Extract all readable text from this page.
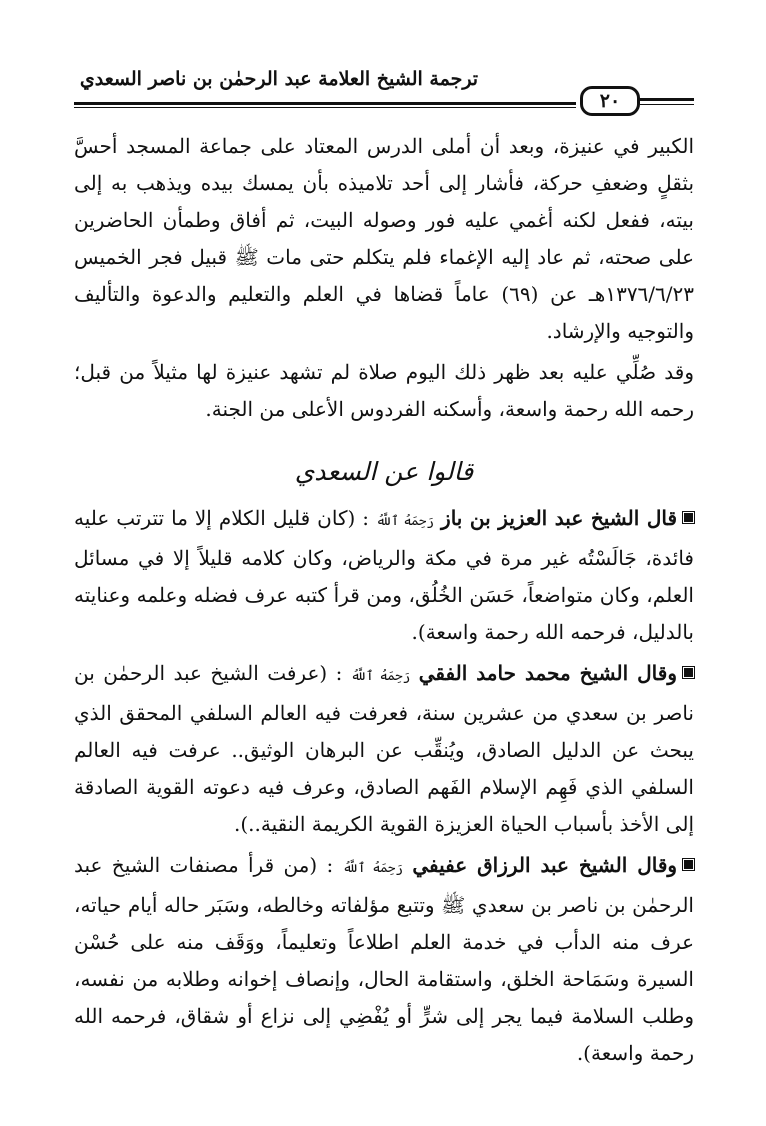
ترجمة الشيخ العلامة عبد الرحمٰن بن ناصر السعدي
٢٠

الكبير في عنيزة، وبعد أن أملى الدرس المعتاد على جماعة المسجد أحسَّ بثقلٍ وضعفِ حركة، فأشار إلى أحد تلاميذه بأن يمسك بيده ويذهب به إلى بيته، ففعل لكنه أغمي عليه فور وصوله البيت، ثم أفاق وطمأن الحاضرين على صحته، ثم عاد إليه الإغماء فلم يتكلم حتى مات ﷺ قبيل فجر الخميس ١٣٧٦/٦/٢٣هـ عن (٦٩) عاماً قضاها في العلم والتعليم والدعوة والتأليف والتوجيه والإرشاد.

وقد صُلِّي عليه بعد ظهر ذلك اليوم صلاة لم تشهد عنيزة لها مثيلاً من قبل؛ رحمه الله رحمة واسعة، وأسكنه الفردوس الأعلى من الجنة.

قالوا عن السعدي

قال الشيخ عبد العزيز بن باز رَحِمَهُ ٱللَّهُ : (كان قليل الكلام إلا ما تترتب عليه فائدة، جَالَسْتُه غير مرة في مكة والرياض، وكان كلامه قليلاً إلا في مسائل العلم، وكان متواضعاً، حَسَن الخُلُق، ومن قرأ كتبه عرف فضله وعلمه وعنايته بالدليل، فرحمه الله رحمة واسعة).

وقال الشيخ محمد حامد الفقي رَحِمَهُ ٱللَّهُ : (عرفت الشيخ عبد الرحمٰن بن ناصر بن سعدي من عشرين سنة، فعرفت فيه العالم السلفي المحقق الذي يبحث عن الدليل الصادق، ويُنقِّب عن البرهان الوثيق.. عرفت فيه العالم السلفي الذي فَهِم الإسلام الفَهم الصادق، وعرف فيه دعوته القوية الصادقة إلى الأخذ بأسباب الحياة العزيزة القوية الكريمة النقية..).

وقال الشيخ عبد الرزاق عفيفي رَحِمَهُ ٱللَّهُ : (من قرأ مصنفات الشيخ عبد الرحمٰن بن ناصر بن سعدي ﷺ وتتبع مؤلفاته وخالطه، وسَبَر حاله أيام حياته، عرف منه الدأب في خدمة العلم اطلاعاً وتعليماً، ووَقَف منه على حُسْن السيرة وسَمَاحة الخلق، واستقامة الحال، وإنصاف إخوانه وطلابه من نفسه، وطلب السلامة فيما يجر إلى شرٍّ أو يُفْضِي إلى نزاع أو شقاق، فرحمه الله رحمة واسعة).
